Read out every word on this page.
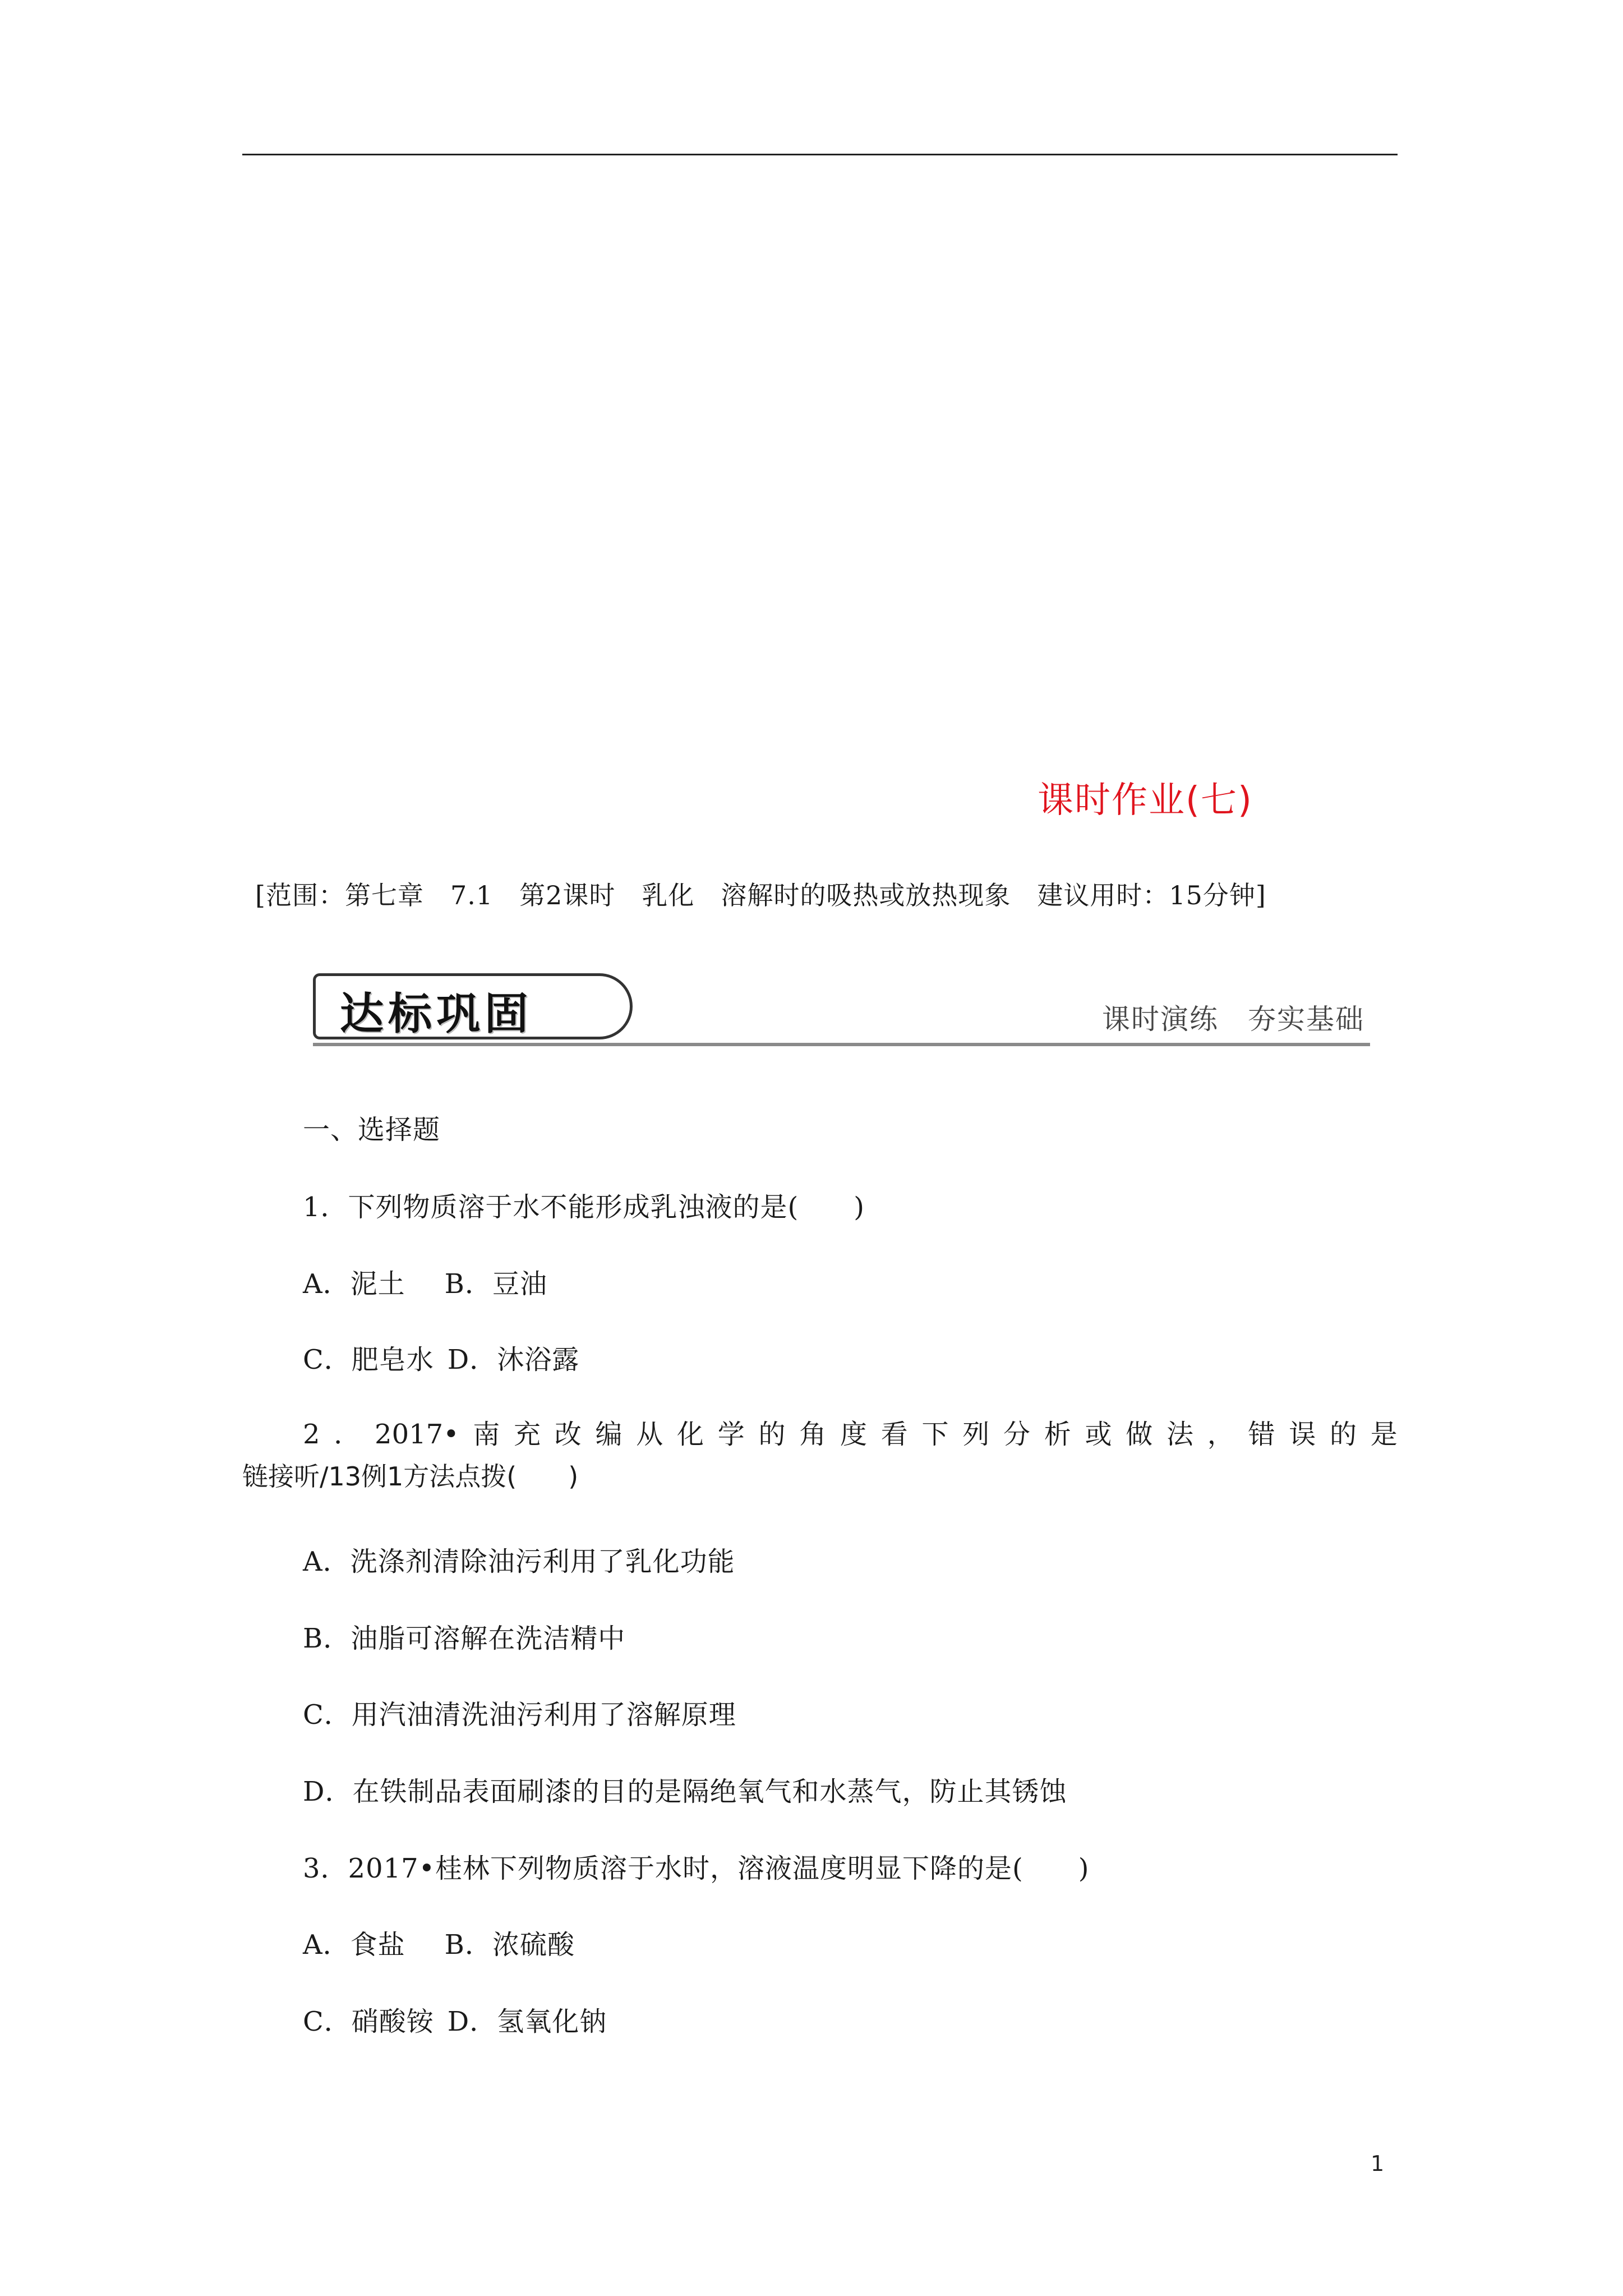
课时作业(七)
[范围：第七章　7.1　第2课时　乳化　溶解时的吸热或放热现象　建议用时：15分钟]
达标巩固	课时演练　夯实基础
一、选择题
1．下列物质溶于水不能形成乳浊液的是(　　)
A．泥土 B．豆油
C．肥皂水 D．沐浴露
2 ． 2017• 南 充 改 编 从 化 学 的 角 度 看 下 列 分 析 或 做 法 ， 错 误 的 是
链接听/13例1方法点拨(　　)
A．洗涤剂清除油污利用了乳化功能
B．油脂可溶解在洗洁精中
C．用汽油清洗油污利用了溶解原理
D．在铁制品表面刷漆的目的是隔绝氧气和水蒸气，防止其锈蚀
3．2017•桂林下列物质溶于水时，溶液温度明显下降的是(　　)
A．食盐 B．浓硫酸
C．硝酸铵 D．氢氧化钠
1
